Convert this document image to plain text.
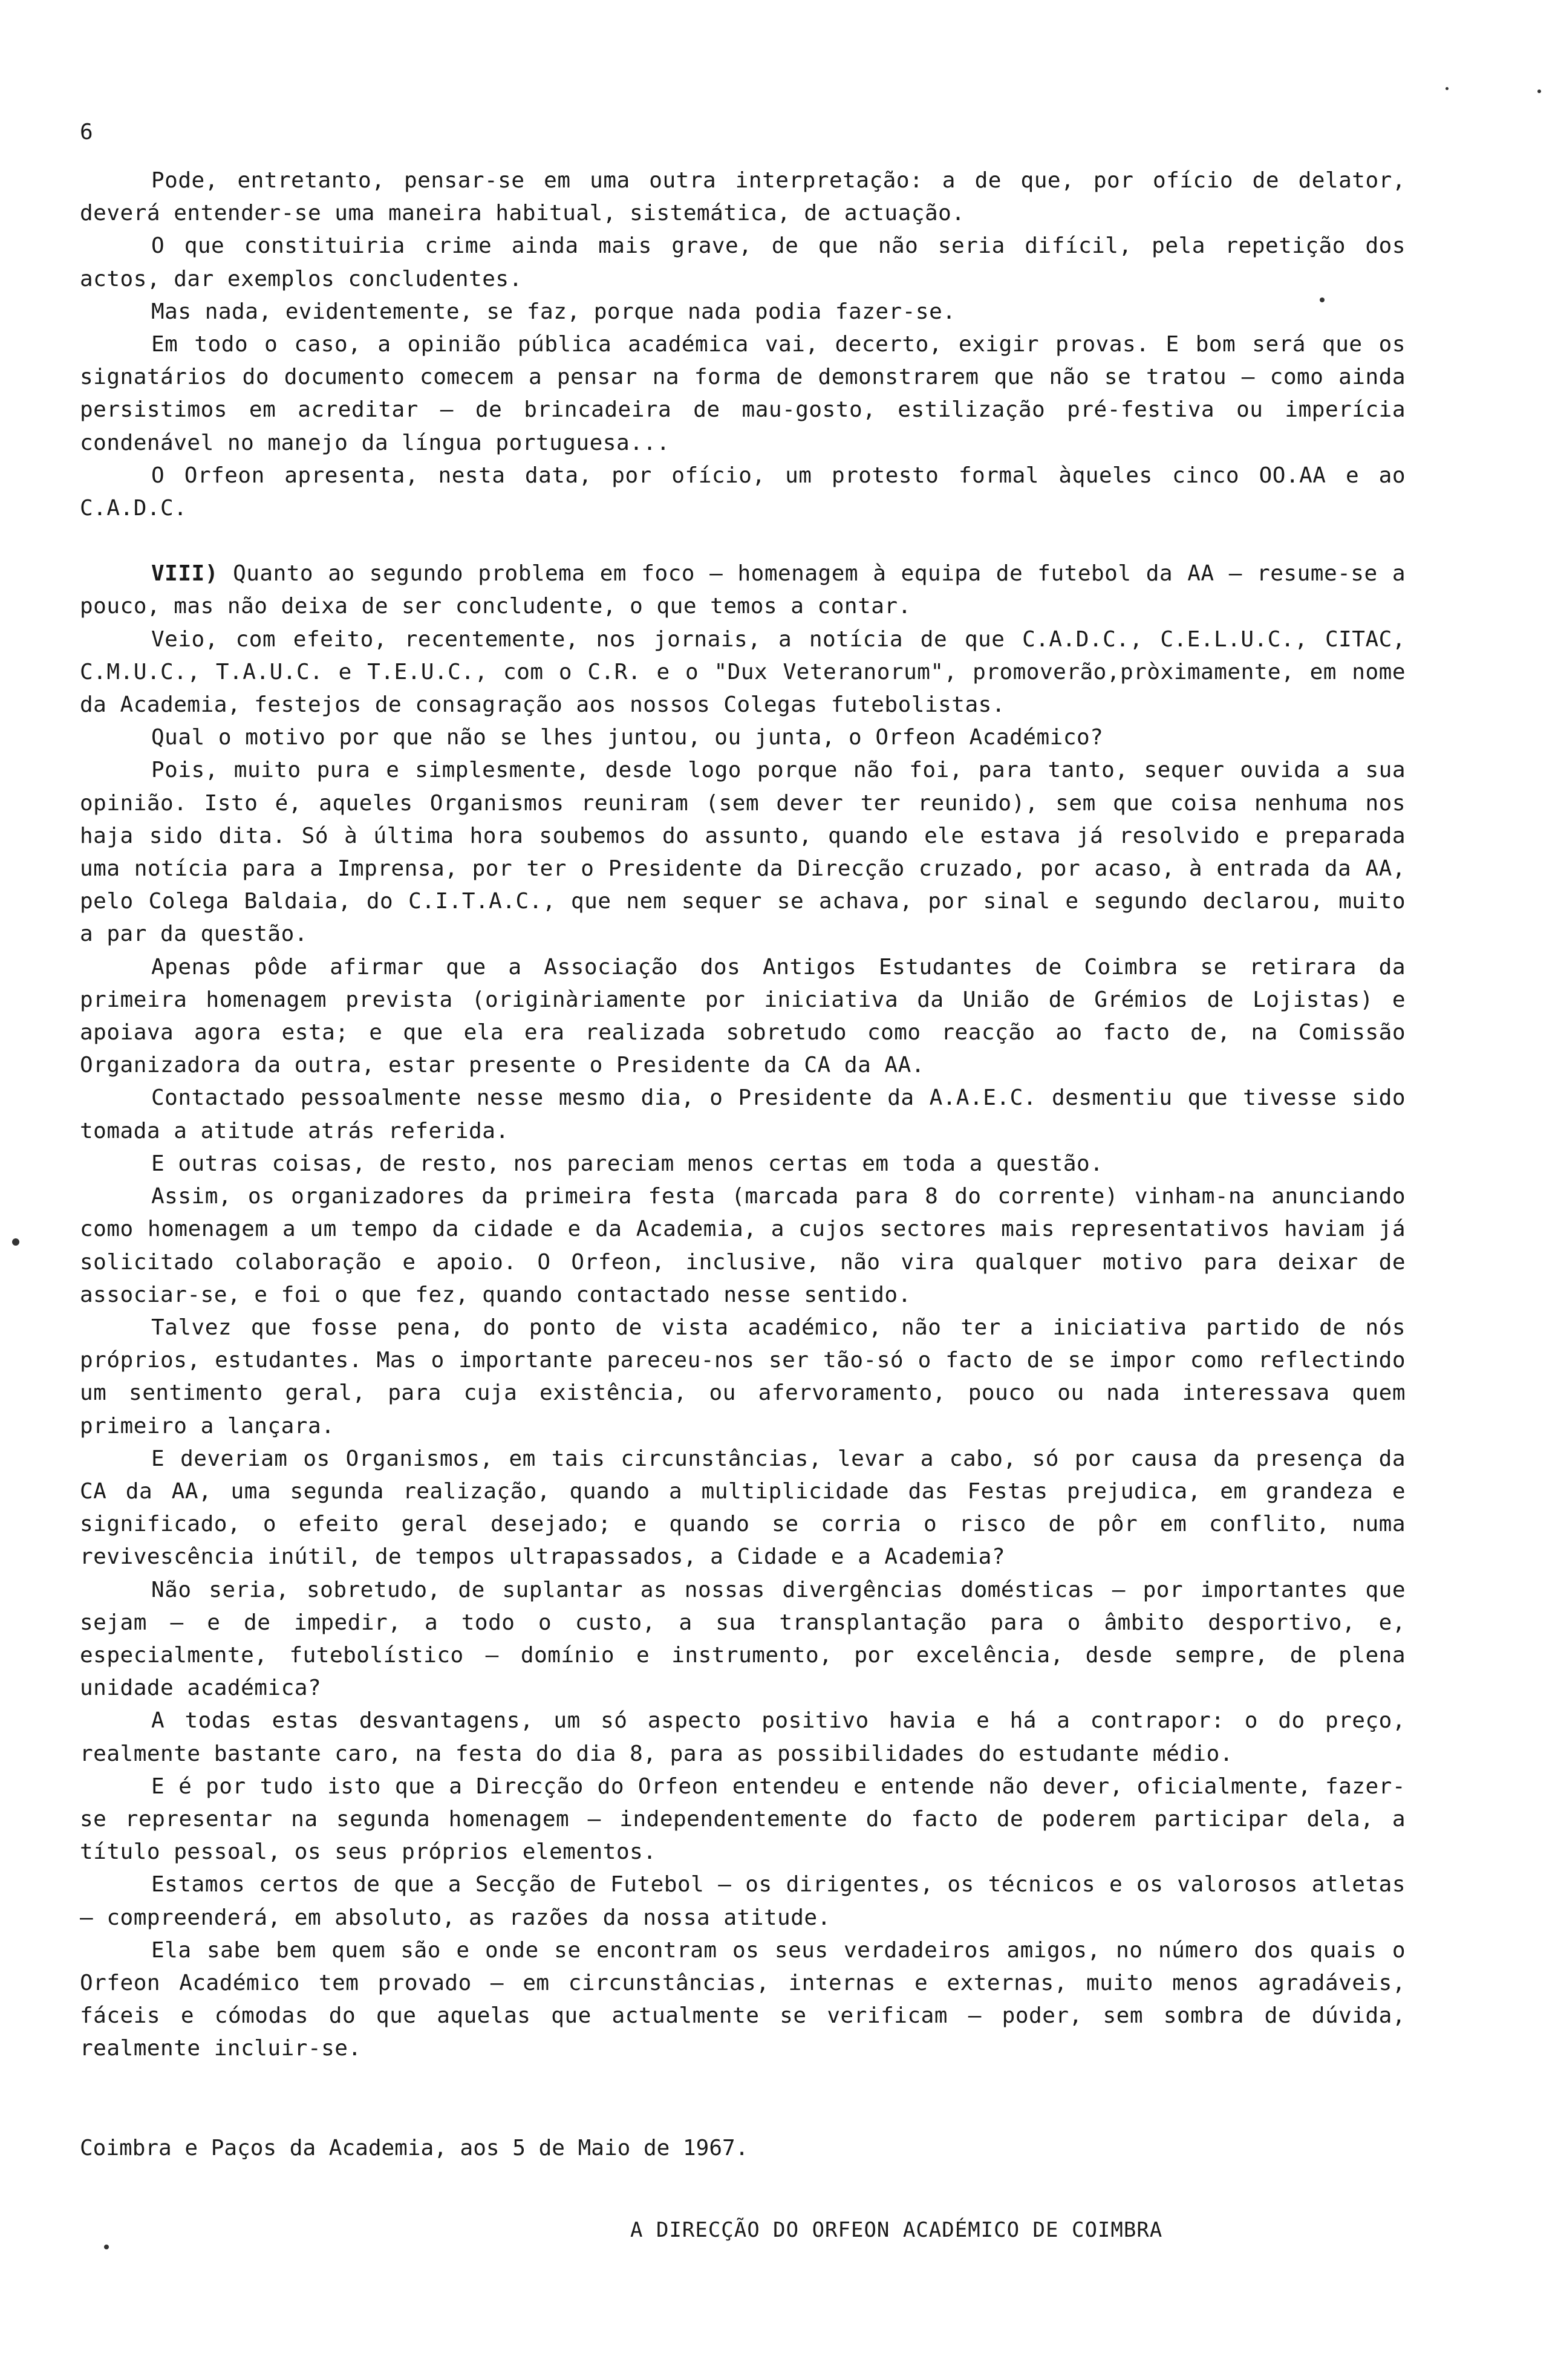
6

Pode, entretanto, pensar-se em uma outra interpretação: a de que, por ofício de delator, deverá entender-se uma maneira habitual, sistemática, de actuação.

O que constituiria crime ainda mais grave, de que não seria difícil, pela repetição dos actos, dar exemplos concludentes.

Mas nada, evidentemente, se faz, porque nada podia fazer-se.

Em todo o caso, a opinião pública académica vai, decerto, exigir provas. E bom será que os signatários do documento comecem a pensar na forma de demonstrarem que não se tratou — como ainda persistimos em acreditar — de brincadeira de mau-gosto, estilização pré-festiva ou imperícia condenável no manejo da língua portuguesa...

O Orfeon apresenta, nesta data, por ofício, um protesto formal àqueles cinco OO.AA e ao C.A.D.C.

VIII) Quanto ao segundo problema em foco — homenagem à equipa de futebol da AA — resume-se a pouco, mas não deixa de ser concludente, o que temos a contar.

Veio, com efeito, recentemente, nos jornais, a notícia de que C.A.D.C., C.E.L.U.C., CITAC, C.M.U.C., T.A.U.C. e T.E.U.C., com o C.R. e o "Dux Veteranorum", promoverão,pròximamente, em nome da Academia, festejos de consagração aos nossos Colegas futebolistas.

Qual o motivo por que não se lhes juntou, ou junta, o Orfeon Académico?

Pois, muito pura e simplesmente, desde logo porque não foi, para tanto, sequer ouvida a sua opinião. Isto é, aqueles Organismos reuniram (sem dever ter reunido), sem que coisa nenhuma nos haja sido dita. Só à última hora soubemos do assunto, quando ele estava já resolvido e preparada uma notícia para a Imprensa, por ter o Presidente da Direcção cruzado, por acaso, à entrada da AA, pelo Colega Baldaia, do C.I.T.A.C., que nem sequer se achava, por sinal e segundo declarou, muito a par da questão.

Apenas pôde afirmar que a Associação dos Antigos Estudantes de Coimbra se retirara da primeira homenagem prevista (originàriamente por iniciativa da União de Grémios de Lojistas) e apoiava agora esta; e que ela era realizada sobretudo como reacção ao facto de, na Comissão Organizadora da outra, estar presente o Presidente da CA da AA.

Contactado pessoalmente nesse mesmo dia, o Presidente da A.A.E.C. desmentiu que tivesse sido tomada a atitude atrás referida.

E outras coisas, de resto, nos pareciam menos certas em toda a questão.

Assim, os organizadores da primeira festa (marcada para 8 do corrente) vinham-na anunciando como homenagem a um tempo da cidade e da Academia, a cujos sectores mais representativos haviam já solicitado colaboração e apoio. O Orfeon, inclusive, não vira qualquer motivo para deixar de associar-se, e foi o que fez, quando contactado nesse sentido.

Talvez que fosse pena, do ponto de vista académico, não ter a iniciativa partido de nós próprios, estudantes. Mas o importante pareceu-nos ser tão-só o facto de se impor como reflectindo um sentimento geral, para cuja existência, ou afervoramento, pouco ou nada interessava quem primeiro a lançara.

E deveriam os Organismos, em tais circunstâncias, levar a cabo, só por causa da presença da CA da AA, uma segunda realização, quando a multiplicidade das Festas prejudica, em grandeza e significado, o efeito geral desejado; e quando se corria o risco de pôr em conflito, numa revivescência inútil, de tempos ultrapassados, a Cidade e a Academia?

Não seria, sobretudo, de suplantar as nossas divergências domésticas — por importantes que sejam — e de impedir, a todo o custo, a sua transplantação para o âmbito desportivo, e, especialmente, futebolístico — domínio e instrumento, por excelência, desde sempre, de plena unidade académica?

A todas estas desvantagens, um só aspecto positivo havia e há a contrapor: o do preço, realmente bastante caro, na festa do dia 8, para as possibilidades do estudante médio.

E é por tudo isto que a Direcção do Orfeon entendeu e entende não dever, oficialmente, fazer-se representar na segunda homenagem — independentemente do facto de poderem participar dela, a título pessoal, os seus próprios elementos.

Estamos certos de que a Secção de Futebol — os dirigentes, os técnicos e os valorosos atletas — compreenderá, em absoluto, as razões da nossa atitude.

Ela sabe bem quem são e onde se encontram os seus verdadeiros amigos, no número dos quais o Orfeon Académico tem provado — em circunstâncias, internas e externas, muito menos agradáveis, fáceis e cómodas do que aquelas que actualmente se verificam — poder, sem sombra de dúvida, realmente incluir-se.

Coimbra e Paços da Academia, aos 5 de Maio de 1967.
A DIRECÇÃO DO ORFEON ACADÉMICO DE COIMBRA
